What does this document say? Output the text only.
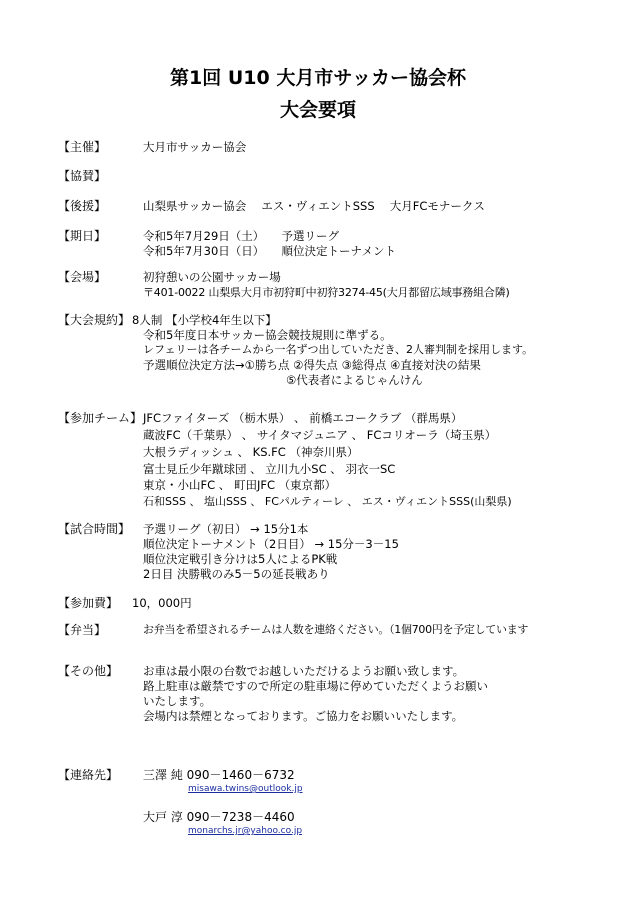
第1回 U10 大月市サッカー協会杯
大会要項
【主催】	大月市サッカー協会
【協賛】
【後援】	山梨県サッカー協会　 エス・ヴィエントSSS　 大月FCモナークス
【期日】	令和5年7月29日（土）　　予選リーグ
令和5年7月30日（日）　　順位決定トーナメント
【会場】	初狩憩いの公園サッカー場
〒401-0022 山梨県大月市初狩町中初狩3274-45(大月都留広域事務組合隣)
【大会規約】 8人制 【小学校4年生以下】
令和5年度日本サッカー協会競技規則に準ずる。
レフェリーは各チームから一名ずつ出していただき、2人審判制を採用します。
予選順位決定方法→①勝ち点 ②得失点 ③総得点 ④直接対決の結果
⑤代表者によるじゃんけん
【参加チーム】 JFCファイターズ （栃木県） 、 前橋エコークラブ （群馬県）
蔵波FC（千葉県） 、 サイタマジュニア 、 FCコリオーラ（埼玉県）
大根ラディッシュ 、 KS.FC （神奈川県）
富士見丘少年蹴球団 、 立川九小SC 、 羽衣一SC
東京・小山FC 、 町田JFC （東京都）
石和SSS 、 塩山SSS 、 FCパルティーレ 、 エス・ヴィエントSSS(山梨県)
【試合時間】 予選リーグ（初日） → 15分1本
順位決定トーナメント（2日目） → 15分－3－15
順位決定戦引き分けは5人によるPK戦
2日目 決勝戦のみ5－5の延長戦あり
【参加費】 10，000円
【弁当】	お弁当を希望されるチームは人数を連絡ください。（1個700円を予定しています
【その他】 お車は最小限の台数でお越しいただけるようお願い致します。
路上駐車は厳禁ですので所定の駐車場に停めていただくようお願い
いたします。
会場内は禁煙となっております。ご協力をお願いいたします。
【連絡先】 三澤 純 090－1460－6732
misawa.twins@outlook.jp
大戸 淳 090－7238－4460
monarchs.jr@yahoo.co.jp
